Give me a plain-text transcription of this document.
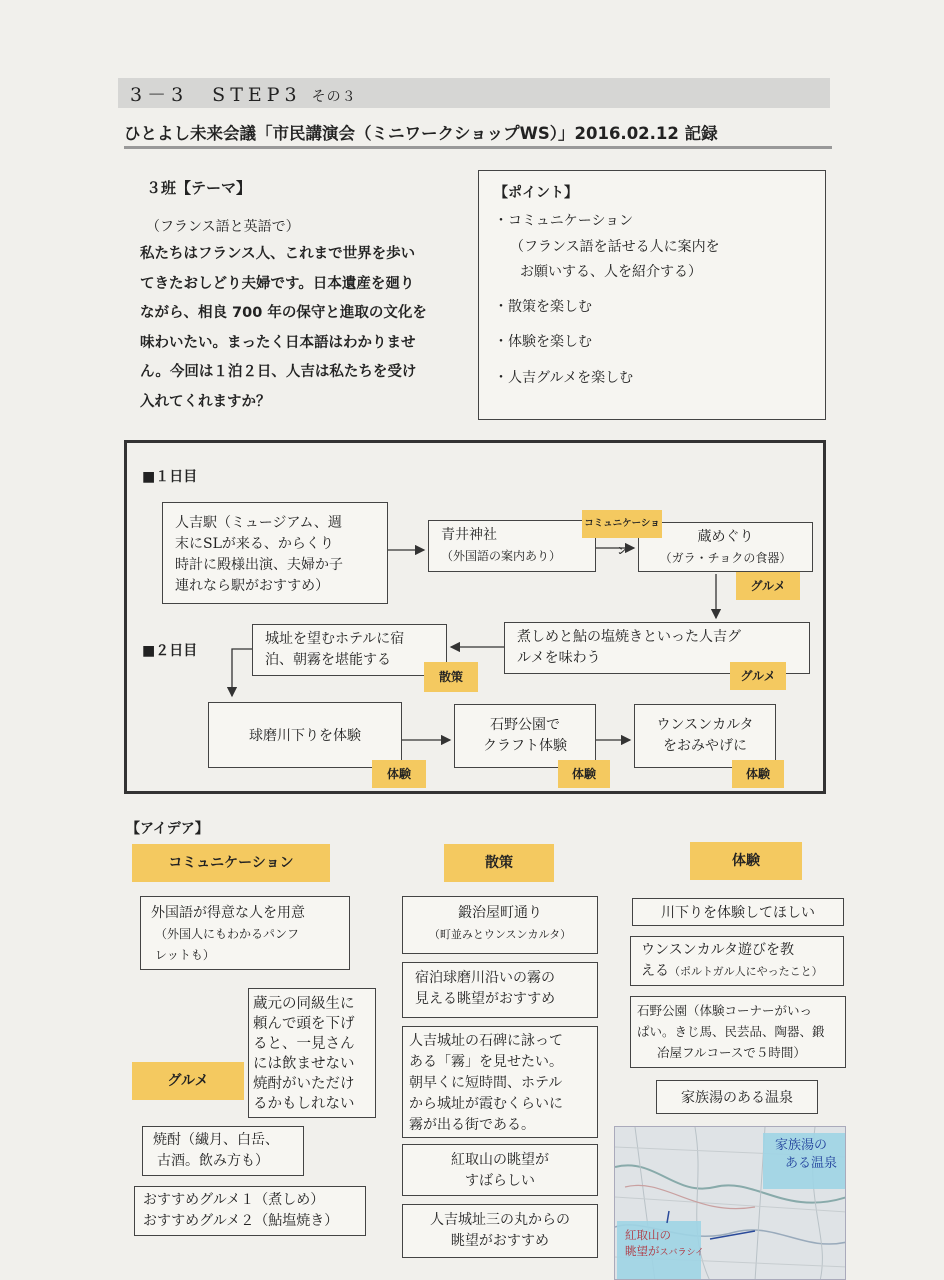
3－3　STEP3 その３
ひとよし未来会議「市民講演会（ミニワークショップWS）」2016.02.12 記録
３班【テーマ】
（フランス語と英語で）
私たちはフランス人、これまで世界を歩い
てきたおしどり夫婦です。日本遺産を廻り
ながら、相良 700 年の保守と進取の文化を
味わいたい。まったく日本語はわかりませ
ん。今回は１泊２日、人吉は私たちを受け
入れてくれますか？
【ポイント】
・コミュニケーション
（フランス語を話せる人に案内を
お願いする、人を紹介する）
・散策を楽しむ
・体験を楽しむ
・人吉グルメを楽しむ
■１日目
■２日目
人吉駅（ミュージアム、週
末にSLが来る、からくり
時計に殿様出演、夫婦か子
連れなら駅がおすすめ）
青井神社
（外国語の案内あり）
蔵めぐり
（ガラ・チョクの食器）
コミュニケーション
グルメ
煮しめと鮎の塩焼きといった人吉グ
ルメを味わう
グルメ
城址を望むホテルに宿
泊、朝霧を堪能する
散策
球磨川下りを体験
体験
石野公園で
クラフト体験
体験
ウンスンカルタ
をおみやげに
体験
【アイデア】
コミュニケーション	散策	体験
グルメ
外国語が得意な人を用意
（外国人にもわかるパンフ
レットも）
蔵元の同級生に
頼んで頭を下げ
ると、一見さん
には飲ませない
焼酎がいただけ
るかもしれない
焼酎（繊月、白岳、
古酒。飲み方も）
おすすめグルメ１（煮しめ）
おすすめグルメ２（鮎塩焼き）
鍛治屋町通り
（町並みとウンスンカルタ）
宿泊球磨川沿いの霧の
見える眺望がおすすめ
人吉城址の石碑に詠って
ある「霧」を見せたい。
朝早くに短時間、ホテル
から城址が霞むくらいに
霧が出る街である。
紅取山の眺望が
すばらしい
人吉城址三の丸からの
眺望がおすすめ
川下りを体験してほしい
ウンスンカルタ遊びを教
える（ポルトガル人にやったこと）
石野公園（体験コーナーがいっ
ぱい。きじ馬、民芸品、陶器、鍛
冶屋フルコースで５時間）
家族湯のある温泉
家族湯の
ある温泉
紅取山の
眺望がスバラシイ
